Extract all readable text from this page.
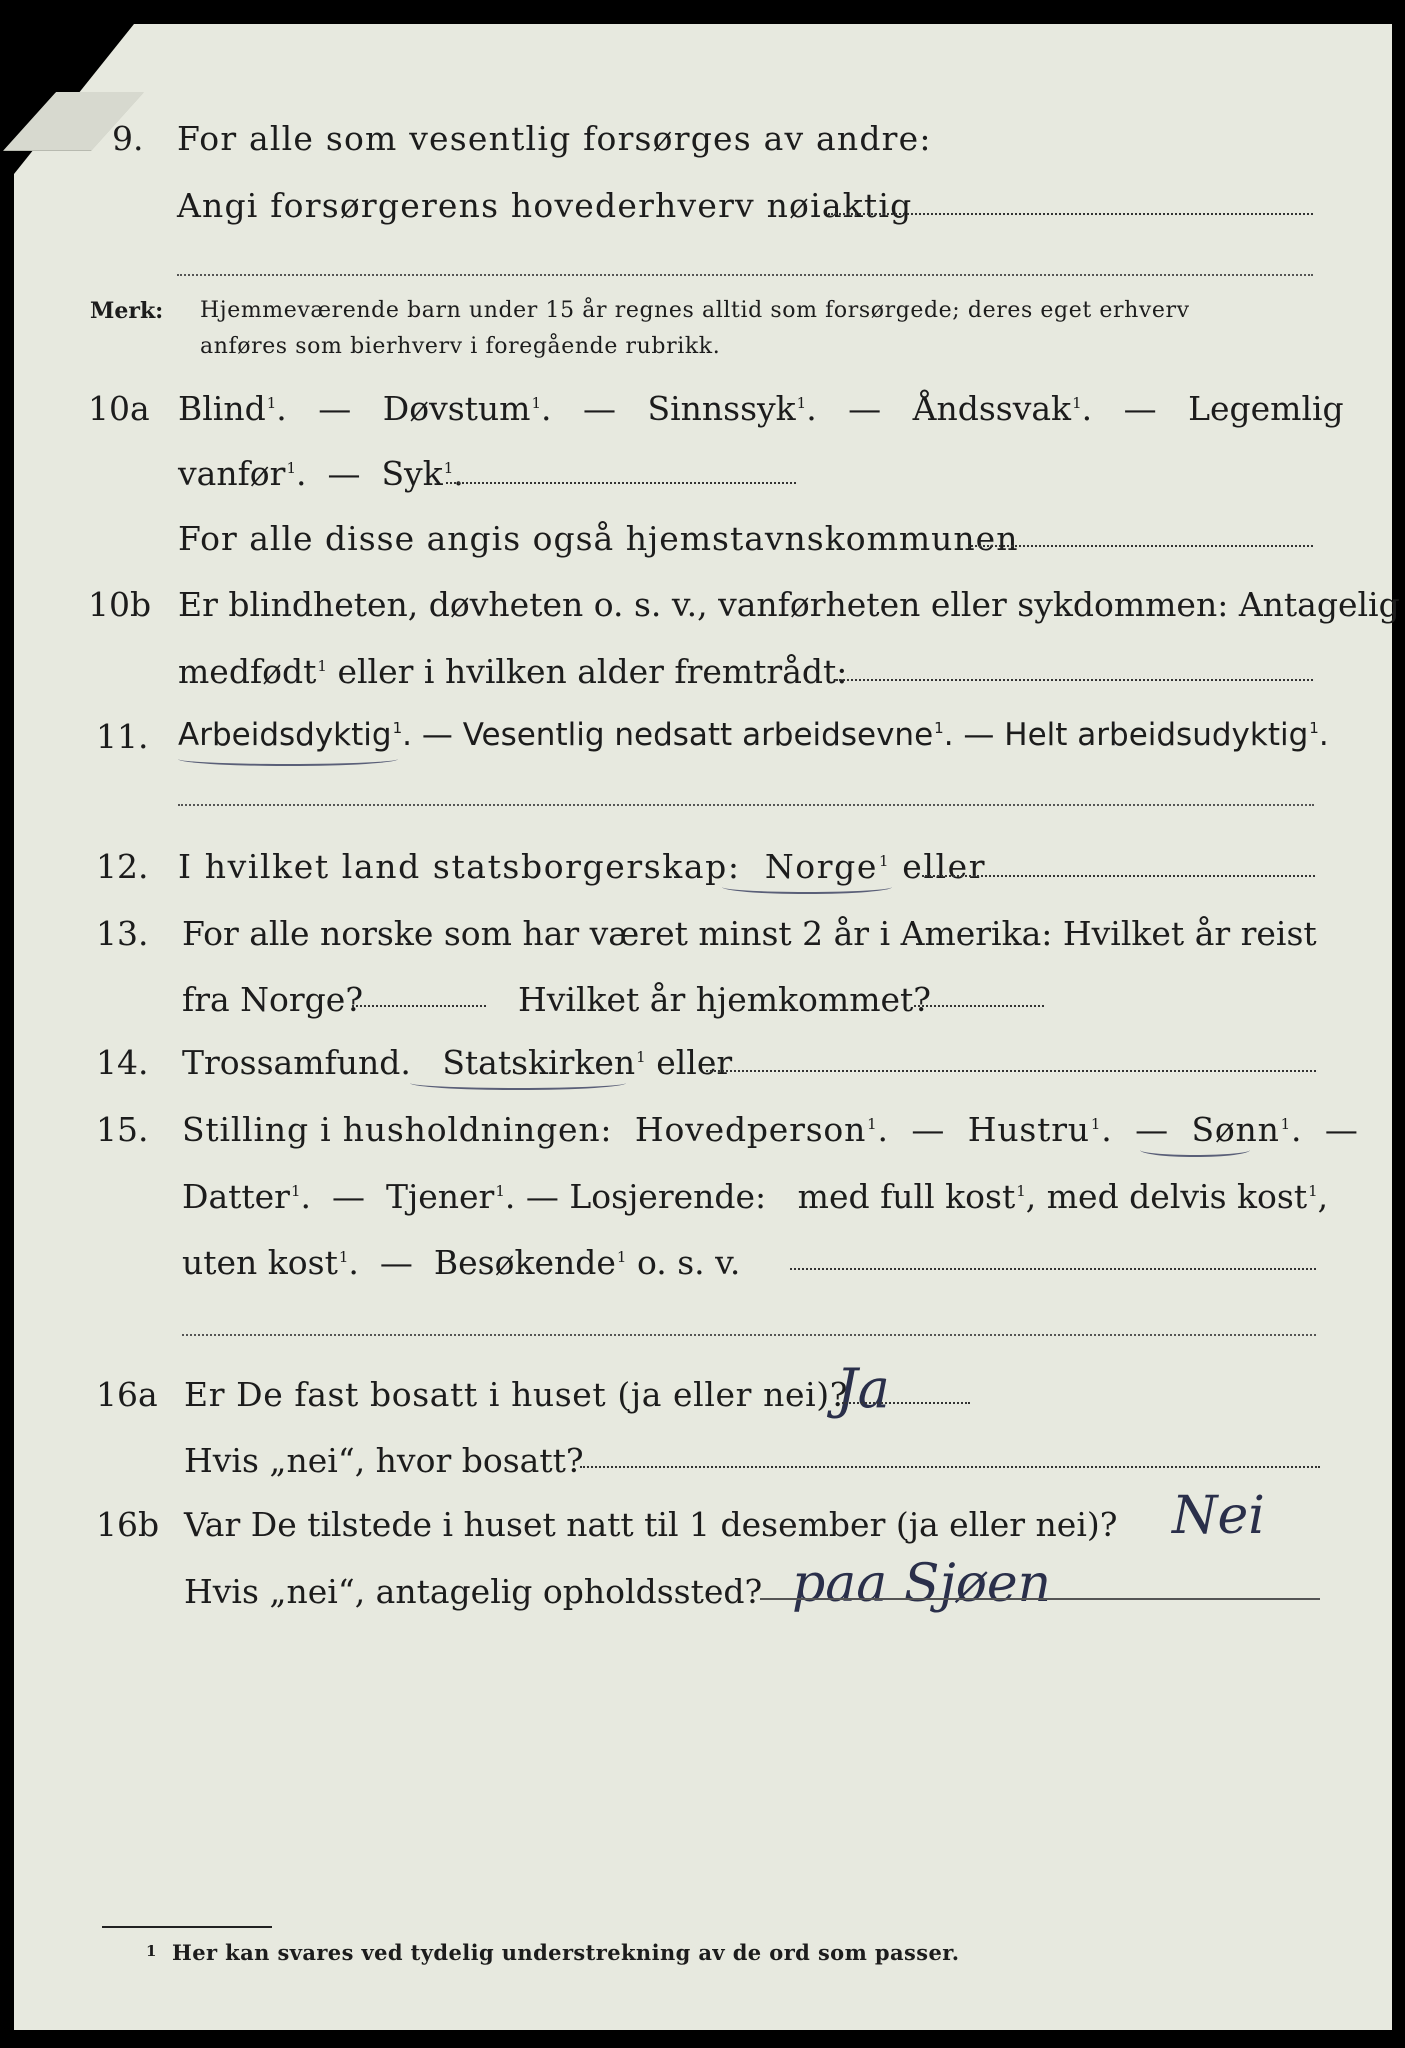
9. For alle som vesentlig forsørges av andre:
Angi forsørgerens hovederhverv nøiaktig
Merk: Hjemmeværende barn under 15 år regnes alltid som forsørgede; deres eget erhverv
anføres som bierhverv i foregående rubrikk.
10a Blind$^1$.   — Døvstum$^1$.   — Sinnssyk$^1$.   — Åndssvak$^1$.   — Legemlig
vanfør$^1$.  — Syk$^1$.
For alle disse angis også hjemstavnskommunen
10b Er blindheten, døvheten o. s. v., vanførheten eller sykdommen: Antagelig
medfødt$^1$ eller i hvilken alder fremtrådt:
11. Arbeidsdyktig$^1$. — Vesentlig nedsatt arbeidsevne$^1$. — Helt arbeidsudyktig$^1$.
12. I hvilket land statsborgerskap: Norge$^1$ eller
13. For alle norske som har været minst 2 år i Amerika: Hvilket år reist
fra Norge?	Hvilket år hjemkommet?
14. Trossamfund. Statskirken$^1$ eller
15. Stilling i husholdningen: Hovedperson$^1$.  — Hustru$^1$.  — Sønn$^1$.  —
Datter$^1$.  — Tjener$^1$. — Losjerende: med full kost$^1$, med delvis kost$^1$,
uten kost$^1$.  — Besøkende$^1$ o. s. v.
16a Er De fast bosatt i huset (ja eller nei)?
Ja
Hvis „nei“, hvor bosatt?
16b Var De tilstede i huset natt til 1 desember (ja eller nei)? Nei
Hvis „nei“, antagelig opholdssted? paa Sjøen
1 Her kan svares ved tydelig understrekning av de ord som passer.
